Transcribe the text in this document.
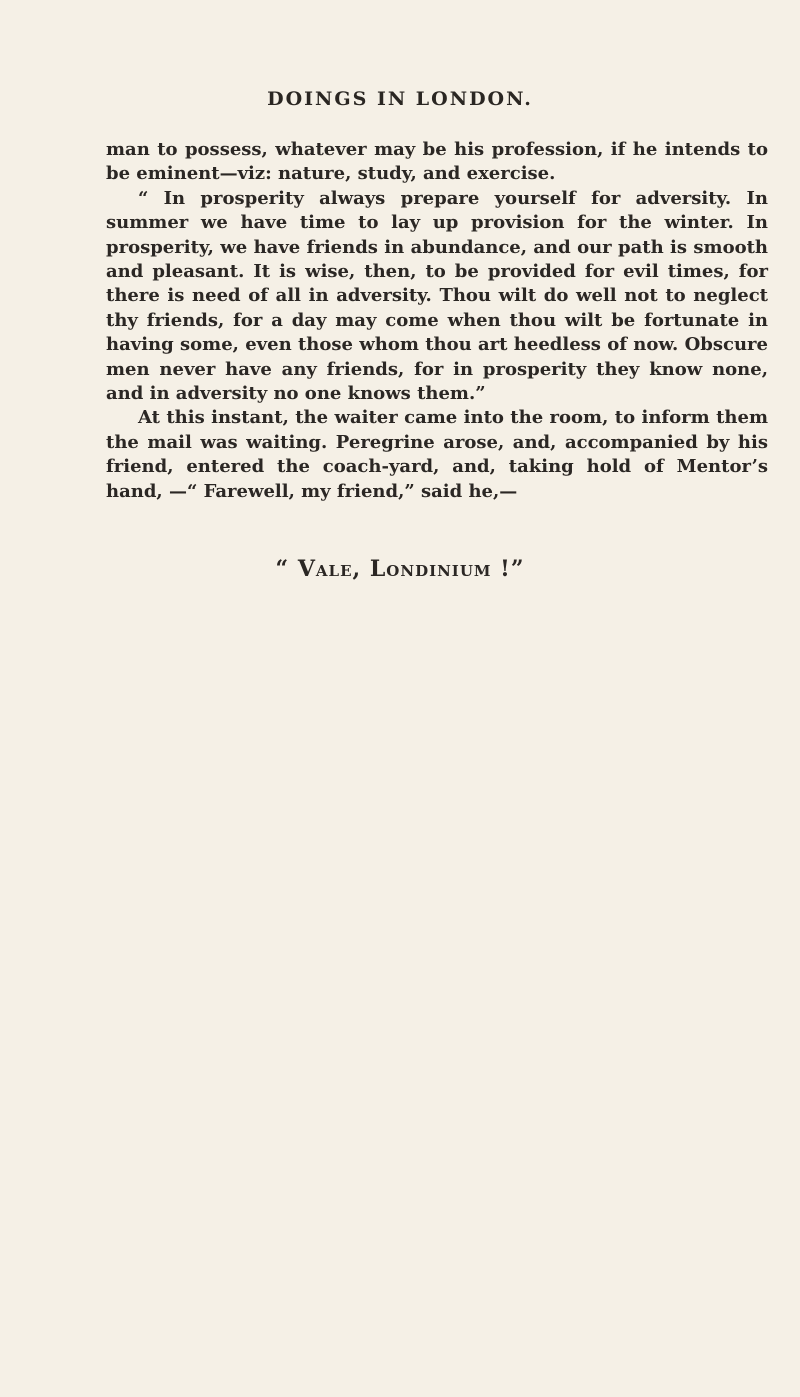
DOINGS IN LONDON.

man to possess, whatever may be his profession, if he intends to be eminent—viz: nature, study, and exercise.

“ In prosperity always prepare yourself for adversity. In summer we have time to lay up provision for the winter. In prosperity, we have friends in abundance, and our path is smooth and pleasant. It is wise, then, to be provided for evil times, for there is need of all in adversity. Thou wilt do well not to neglect thy friends, for a day may come when thou wilt be fortunate in having some, even those whom thou art heedless of now. Obscure men never have any friends, for in prosperity they know none, and in adversity no one knows them.”

At this instant, the waiter came into the room, to inform them the mail was waiting. Peregrine arose, and, accompanied by his friend, entered the coach-yard, and, taking hold of Mentor’s hand, —“ Farewell, my friend,” said he,—

“ Vale, Londinium !”
